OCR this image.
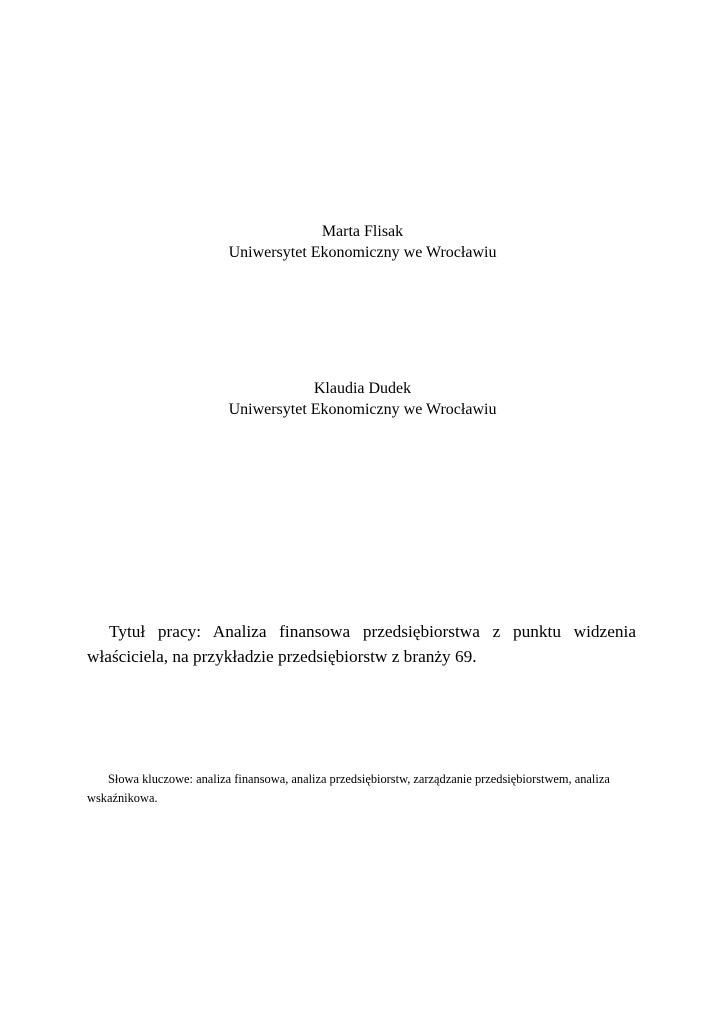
Marta Flisak
Uniwersytet Ekonomiczny we Wrocławiu
Klaudia Dudek
Uniwersytet Ekonomiczny we Wrocławiu

Tytuł pracy: Analiza finansowa przedsiębiorstwa z punktu widzenia właściciela, na przykładzie przedsiębiorstw z branży 69.

Słowa kluczowe: analiza finansowa, analiza przedsiębiorstw, zarządzanie przedsiębiorstwem, analiza wskaźnikowa.
